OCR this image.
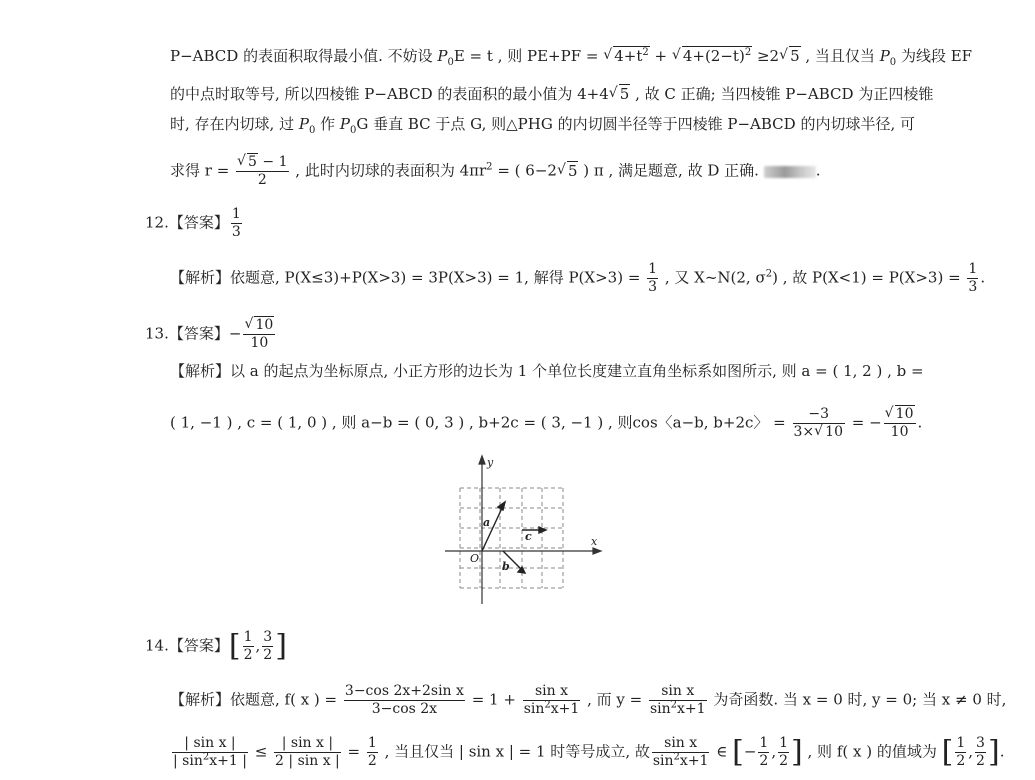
P−ABCD 的表面积取得最小值. 不妨设 $P_0E = t$ , 则 PE+PF = √ $4+t^2$ + √ $4+(2-t)^2 \ge 2√$ 5 , 当且仅当 $P_0$ 为线段 EF
的中点时取等号, 所以四棱锥 P−ABCD 的表面积的最小值为 4+4√ 5 , 故 C 正确; 当四棱锥 P−ABCD 为正四棱锥
时, 存在内切球, 过 $P_0$ 作 $P_0G$ 垂直 BC 于点 G, 则△PHG 的内切圆半径等于四棱锥 P−ABCD 的内切球半径, 可
求得 r =
√ $\frac{5 - 1}{2}$ , 此时内切球的表面积为 $4\pi r^2$ = ( 6−2√ 5 ) π , 满足题意, 故 D 正确.	.
12.【答案】 $\frac{1}{3}$
【解析】依题意, P(X≤3)+P(X>3) = 3P(X>3) = 1, 解得 $P(X>3) = \frac{1}{3}$ , 又 X~N(2, $\sigma^2$) , 故 $P(X<1) = P(X>3) = \frac{1}{3}$ .
13.【答案】−
√ $\frac{10}{10}$
【解析】以 a 的起点为坐标原点, 小正方形的边长为 1 个单位长度建立直角坐标系如图所示, 则 a = ( 1, 2 ) , b =
( 1, −1 ) , c = ( 1, 0 ) , 则 a−b = ( 0, 3 ) , b+2c = ( 3, −1 ) , 则cos〈a−b, b+2c〉 = $\frac{-3}{3\times√ 10}$ = −
√ $\frac{10}{10}$ .
x
y
O
a
b
c
14.【答案】[ $\frac{1}{2}$ , $\frac{3}{2}$ ]
【解析】依题意, f( x ) = $\frac{\text{3−cos 2x+2sin x}}{3-\cos 2x} = 1 + \frac{\text{sin x}}{\sin^2x+1}$ , 而 $y = \frac{\text{sin x}}{\sin^2x+1}$ 为奇函数. 当 x = 0 时, y = 0; 当 x ≠ 0 时,
$\frac{\text{| sin x |}}{| \sin^2x+1 |} \le \frac{\text{| sin x |}}{\text{2 | sin x |}} = \frac{1}{2}$ , 当且仅当 | sin x | = 1 时等号成立, 故 $\frac{\text{sin x}}{\sin^2x+1}$ ∈ [− $\frac{1}{2}$ , $\frac{1}{2}$ ] , 则 f( x ) 的值域为 [ $\frac{1}{2}$ , $\frac{3}{2}$ ].
